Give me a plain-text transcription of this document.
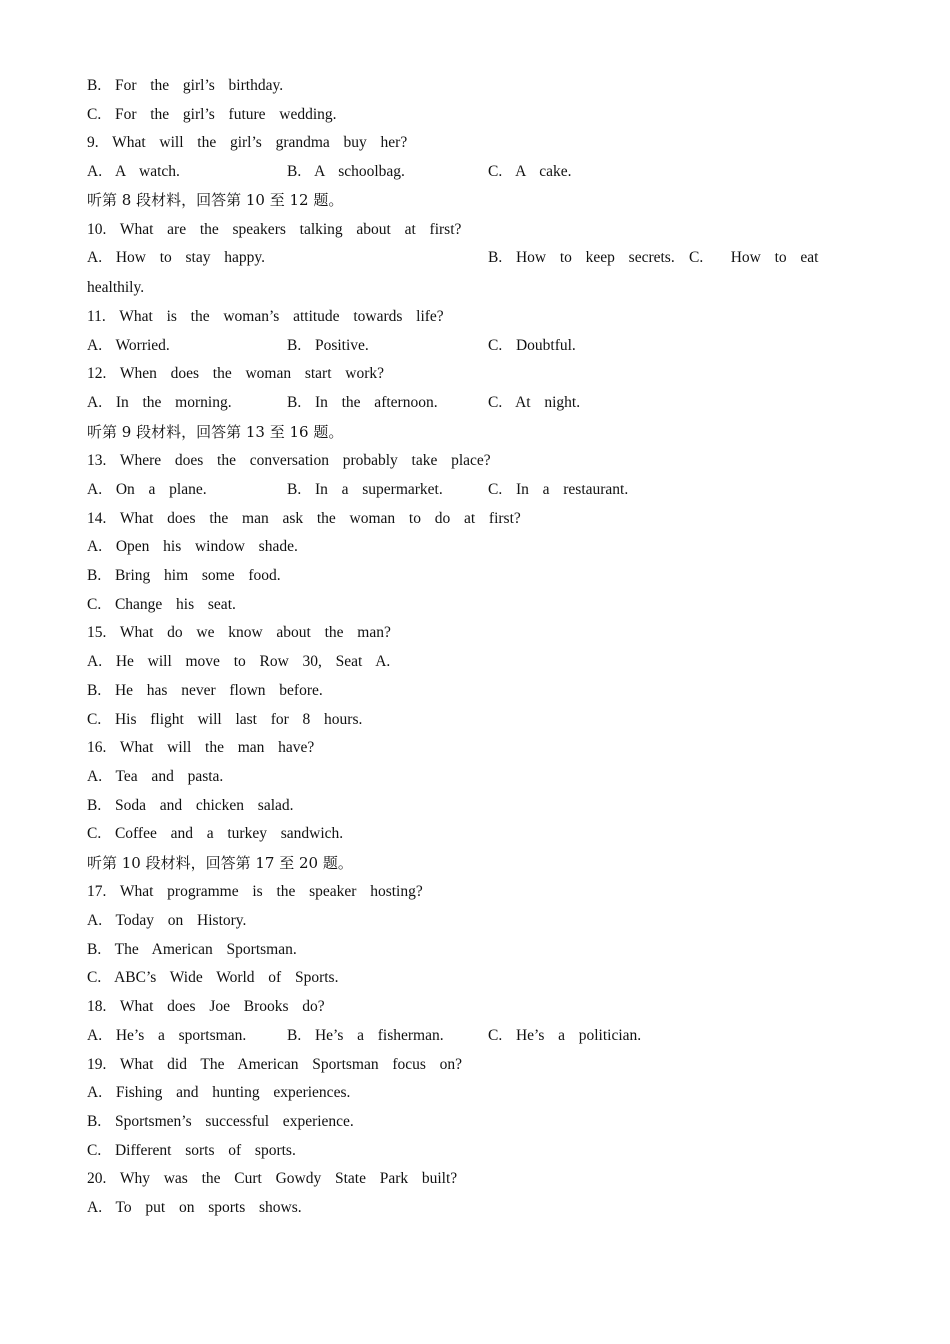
B.  For  the  girl’s  birthday.
C.  For  the  girl’s  future  wedding.
9.  What  will  the  girl’s  grandma  buy  her?

A.  A  watch.

	B.  A  schoolbag.

	C.  A  cake.

听第 8 段材料，回答第 10 至 12 题。
10.  What  are  the  speakers  talking  about  at  first?

A.  How  to  stay  happy.

	B.  How  to  keep  secrets.

C.    How  to  eat

healthily.
11.  What  is  the  woman’s  attitude  towards  life?

A.  Worried.

	B.  Positive.

	C.  Doubtful.

12.  When  does  the  woman  start  work?

A.  In  the  morning.

	B.  In  the  afternoon.

	C.  At  night.

听第 9 段材料，回答第 13 至 16 题。
13.  Where  does  the  conversation  probably  take  place?

A.  On  a  plane.

	B.  In  a  supermarket.

	C.  In  a  restaurant.

14.  What  does  the  man  ask  the  woman  to  do  at  first?
A.  Open  his  window  shade.
B.  Bring  him  some  food.
C.  Change  his  seat.
15.  What  do  we  know  about  the  man?
A.  He  will  move  to  Row  30,  Seat  A.
B.  He  has  never  flown  before.
C.  His  flight  will  last  for  8  hours.
16.  What  will  the  man  have?
A.  Tea  and  pasta.
B.  Soda  and  chicken  salad.
C.  Coffee  and  a  turkey  sandwich.
听第 10 段材料，回答第 17 至 20 题。
17.  What  programme  is  the  speaker  hosting?
A.  Today  on  History.
B.  The  American  Sportsman.
C.  ABC’s  Wide  World  of  Sports.
18.  What  does  Joe  Brooks  do?

A.  He’s  a  sportsman.

	B.  He’s  a  fisherman.

	C.  He’s  a  politician.

19.  What  did  The  American  Sportsman  focus  on?
A.  Fishing  and  hunting  experiences.
B.  Sportsmen’s  successful  experience.
C.  Different  sorts  of  sports.
20.  Why  was  the  Curt  Gowdy  State  Park  built?
A.  To  put  on  sports  shows.
